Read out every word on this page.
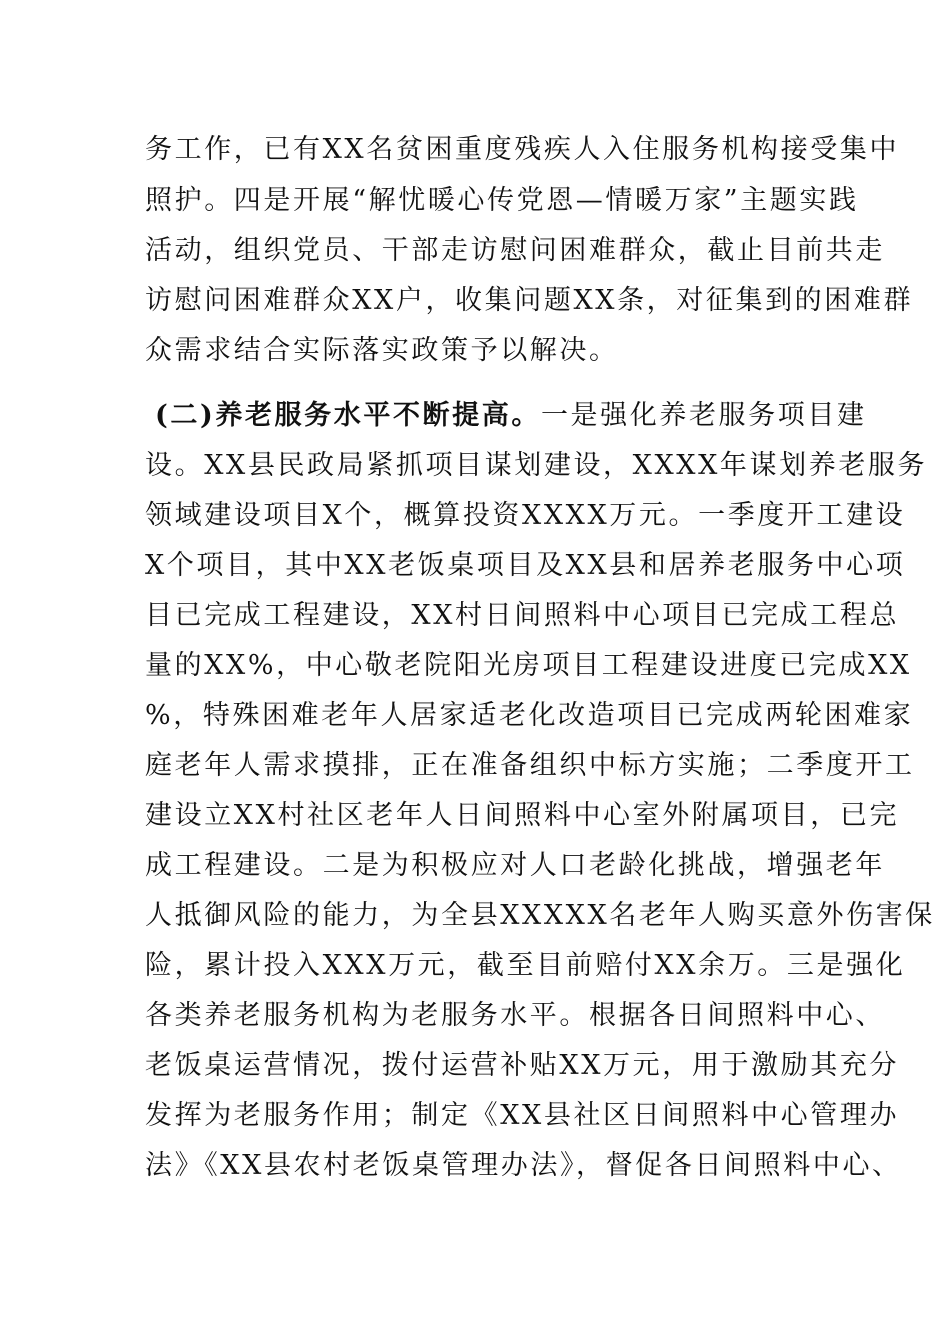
务工作，已有XX名贫困重度残疾人入住服务机构接受集中
照护。四是开展“解忧暖心传党恩—情暖万家”主题实践
活动，组织党员、干部走访慰问困难群众，截止目前共走
访慰问困难群众XX户，收集问题XX条，对征集到的困难群
众需求结合实际落实政策予以解决。
(二)养老服务水平不断提高。一是强化养老服务项目建
设。XX县民政局紧抓项目谋划建设，XXXX年谋划养老服务
领域建设项目X个，概算投资XXXX万元。一季度开工建设
X个项目，其中XX老饭桌项目及XX县和居养老服务中心项
目已完成工程建设，XX村日间照料中心项目已完成工程总
量的XX%，中心敬老院阳光房项目工程建设进度已完成XX
%，特殊困难老年人居家适老化改造项目已完成两轮困难家
庭老年人需求摸排，正在准备组织中标方实施；二季度开工
建设立XX村社区老年人日间照料中心室外附属项目，已完
成工程建设。二是为积极应对人口老龄化挑战，增强老年
人抵御风险的能力，为全县XXXXX名老年人购买意外伤害保
险，累计投入XXX万元，截至目前赔付XX余万。三是强化
各类养老服务机构为老服务水平。根据各日间照料中心、
老饭桌运营情况，拨付运营补贴XX万元，用于激励其充分
发挥为老服务作用；制定《XX县社区日间照料中心管理办
法》《XX县农村老饭桌管理办法》，督促各日间照料中心、
